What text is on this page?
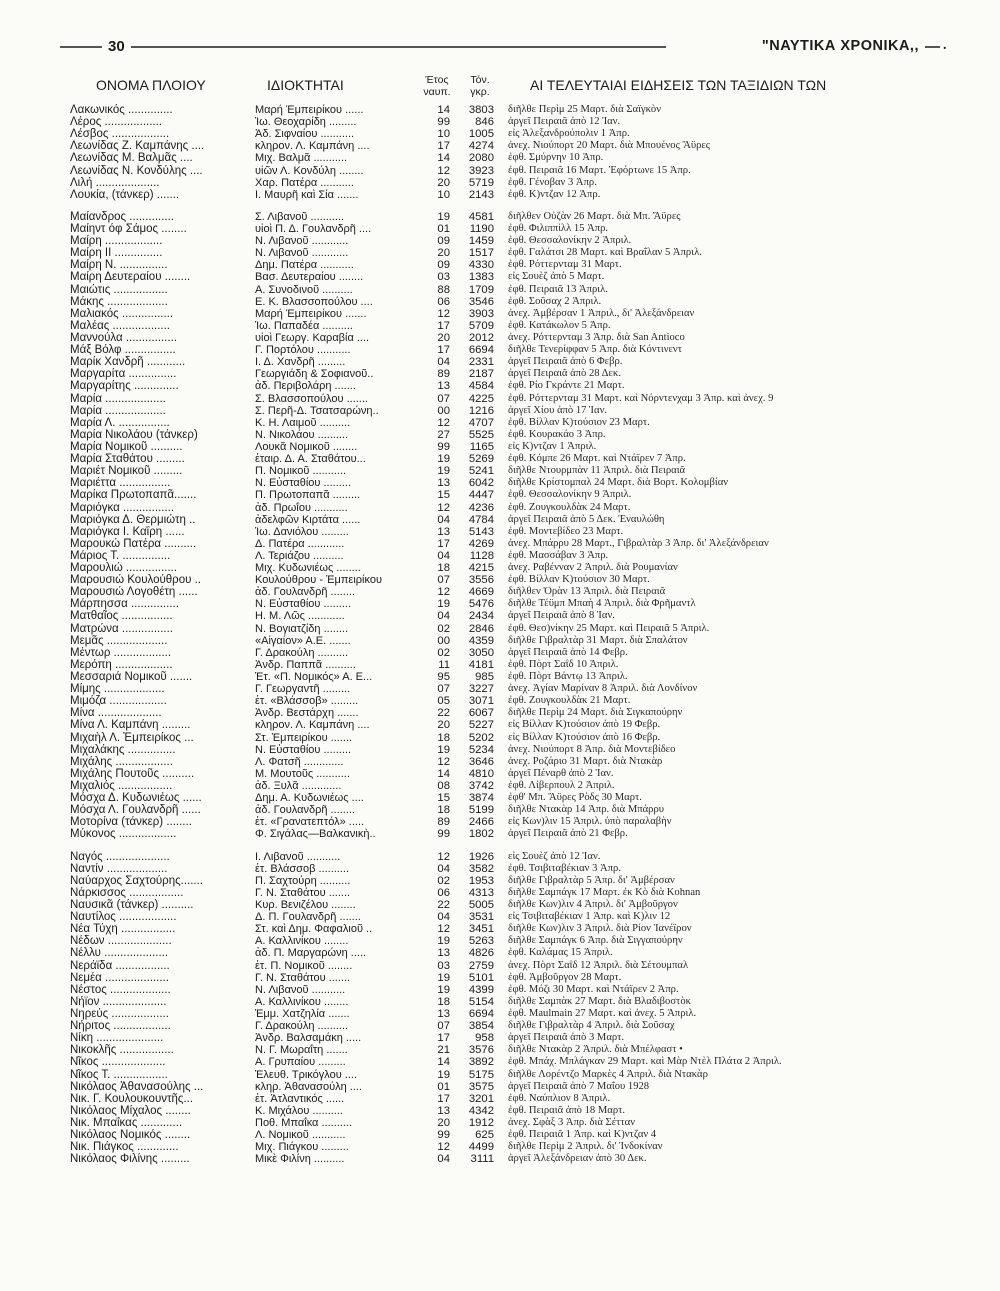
30	"ΝΑΥΤΙΚΑ ΧΡΟΝΙΚΑ,,	.
ΟΝΟΜΑ ΠΛΟΙΟΥ	ΙΔΙΟΚΤΗΤΑΙ	Έτος ναυπ.
Τόν. γκρ.	ΑΙ ΤΕΛΕΥΤΑΙΑΙ ΕΙΔΗΣΕΙΣ ΤΩΝ ΤΑΞΙΔΙΩΝ ΤΩΝ
Λακωνικός ..............	Μαρή Έμπειρίκου ......	14	3803 διῆλθε Περὶμ 25 Μαρτ. διὰ Σαϊγκὸν
Λέρος ..................	Ἰω. Θεοχαρίδη .........	99	846 ἀργεῖ Πειραιᾶ ἀπὸ 12 Ἰαν.
Λέσβος ..................	Ἀδ. Σιφναίου ...........	10	1005 εἰς Ἀλεξανδρούπολιν 1 Ἀπρ.
Λεωνίδας Ζ. Καμπάνης ....	κληρον. Λ. Καμπάνη ....	17	4274 ἀνεχ. Νιούπορτ 20 Μαρτ. διὰ Μπουένος Ἄϋρες
Λεωνίδας Μ. Βαλμᾶς ....	Μιχ. Βαλμᾶ ...........	14	2080 ἐφθ. Σμύρνην 10 Ἀπρ.
Λεωνίδας Ν. Κονδύλης ....	υἱῶν Λ. Κονδύλη ........	12	3923 ἐφθ. Πειραιᾶ 16 Μαρτ. Ἐφόρτωνε 15 Ἀπρ.
Λιλή ....................	Χαρ. Πατέρα ...........	20	5719 ἐφθ. Γένοβαν 3 Ἀπρ.
Λουκία, (τάνκερ) .......	Ι. Μαυρῆ καὶ Σία .......	10	2143 ἐφθ. Κ)ντζαν 12 Ἀπρ.
Μαίανδρος ..............	Σ. Λιβανοῦ ...........	19	4581 διῆλθεν Οὐζὰν 26 Μαρτ. διὰ Μπ. Ἄϋρες
Μαίηντ όφ Σάμος ........	υἱοὶ Π. Δ. Γουλανδρῆ ....	01	1190 ἐφθ. Φιλιππὶλλ 15 Ἀπρ.
Μαίρη ..................	Ν. Λιβανοῦ ............	09	1459 ἐφθ. Θεσσαλονίκην 2 Ἀπριλ.
Μαίρη ΙΙ ...............	Ν. Λιβανοῦ ............	20	1517 ἐφθ. Γαλάτσι 28 Μαρτ. καὶ Βραΐλαν 5 Ἀπριλ.
Μαίρη Ν. ...............	Δημ. Πατέρα ...........	09	4330 ἐφθ. Ρόττερνταμ 31 Μαρτ.
Μαίρη Δευτεραίου ........	Βασ. Δευτεραίου ........	03	1383 εἰς Σουὲζ ἀπὸ 5 Μαρτ.
Μαιώτις .................	Α. Συνοδινοῦ ..........	88	1709 ἐφθ. Πειραιᾶ 13 Ἀπριλ.
Μάκης ...................	Ε. Κ. Βλασσοπούλου ....	06	3546 ἐφθ. Σοῦσαχ 2 Ἀπριλ.
Μαλιακός ................	Μαρή Έμπειρίκου .......	12	3903 ἀνεχ. Ἀμβέρσαν 1 Ἀπριλ., δι' Ἀλεξάνδρειαν
Μαλέας ..................	Ἰω. Παπαδέα ..........	17	5709 ἐφθ. Κατάκωλον 5 Ἀπρ.
Μαννούλα ................	υἱοὶ Γεωργ. Καραβία ....	20	2012 ἀνεχ. Ρόττερνταμ 3 Ἀπρ. διὰ San Antioco
Μάξ Βόλφ ................	Γ. Πορτόλου ...........	17	6694 διῆλθε Τενερίφφαν 5 Ἀπρ. διὰ Κόντινεντ
Μαρίκ Χανδρῆ ............	Ι. Δ. Χανδρῆ .........	04	2331 ἀργεῖ Πειραιᾶ ἀπὸ 6 Φεβρ.
Μαργαρίτα ...............	Γεωργιάδη & Σοφιανοῦ..	89	2187 ἀργεῖ Πειραιᾶ ἀπὸ 28 Δεκ.
Μαργαρίτης ..............	ἀδ. Περιβολάρη .......	13	4584 ἐφθ. Ρίο Γκράντε 21 Μαρτ.
Μαρία ...................	Σ. Βλασσοπούλου .......	07	4225 ἐφθ. Ρόττερνταμ 31 Μαρτ. καὶ Νόρντενχαμ 3 Ἀπρ. καὶ ἀνεχ. 9
Μαρία ...................	Σ. Περῆ-Δ. Τσατσαρώνη..	00	1216 ἀργεῖ Χίου ἀπὸ 17 Ἰαν.
Μαρία Λ. ................	Κ. Η. Λαιμοῦ ..........	12	4707 ἐφθ. Βίλλαν Κ)τούσιον 23 Μαρτ.
Μαρία Νικολάου (τάνκερ)	Ν. Νικολάου ..........	27	5525 ἐφθ. Κουρακάο 3 Ἀπρ.
Μαρία Νομικοῦ ..........	Λουκᾶ Νομικοῦ ........	99	1165 εἰς Κ)ντζαν 1 Ἀπριλ.
Μαρία Σταθάτου .........	ἑταιρ. Δ. Α. Σταθάτου...	19	5269 ἐφθ. Κόμπε 26 Μαρτ. καὶ Ντάϊρεν 7 Ἀπρ.
Μαριέτ Νομικοῦ .........	Π. Νομικοῦ ...........	19	5241 διῆλθε Ντουρμπὰν 11 Ἀπριλ. διὰ Πειραιᾶ
Μαριέττα ................	Ν. Εὐσταθίου .........	13	6042 διῆλθε Κρίστομπαλ 24 Μαρτ. διὰ Βορτ. Κολομβίαν
Μαρίκα Πρωτοπαπᾶ.......	Π. Πρωτοπαπᾶ .........	15	4447 ἐφθ. Θεσσαλονίκην 9 Ἀπριλ.
Μαριόγκα ................	ἀδ. Πρωΐου ...........	12	4236 ἐφθ. Ζουγκουλδὰκ 24 Μαρτ.
Μαριόγκα Δ. Θερμιώτη ..	ἀδελφῶν Κιρτάτα ......	04	4784 ἀργεῖ Πειραιᾶ ἀπὸ 5 Δεκ. Ἐναυλώθη
Μαριόγκα Ι. Καΐρη ......	Ἰω. Δανιόλου .........	13	5143 ἐφθ. Μοντεβίδεο 23 Μαρτ.
Μαρουκώ Πατέρα ..........	Δ. Πατέρα ............	17	4269 ἀνεχ. Μπάρρυ 28 Μαρτ., Γιβραλτὰρ 3 Ἀπρ. δι' Ἀλεξάνδρειαν
Μάριος Τ. ...............	Λ. Τεριάζου ..........	04	1128 ἐφθ. Μασσάβαν 3 Ἀπρ.
Μαρουλιώ ................	Μιχ. Κυδωνιέως ........	18	4215 ἀνεχ. Ραβένναν 2 Ἀπριλ. διὰ Ρουμανίαν
Μαρουσιώ Κουλούθρου ..	Κουλούθρου - Ἐμπειρίκου	07	3556 ἐφθ. Βίλλαν Κ)τούσιον 30 Μαρτ.
Μαρουσιώ Λογοθέτη ......	ἀδ. Γουλανδρῆ ........	12	4669 διῆλθεν Ὀρὰν 13 Ἀπριλ. διὰ Πειραιᾶ
Μάρπησσα ...............	Ν. Εὐσταθίου .........	19	5476 διῆλθε Τέϋμπ Μπαὴ 4 Ἀπριλ. διὰ Φρῆμαντλ
Ματθαῖος ................	Η. Μ. Λῶς ............	04	2434 ἀργεῖ Πειραιᾶ ἀπὸ 8 Ἰαν.
Ματρώνα ................	Ν. Βογιατζίδη ........	02	2846 ἐφθ. Θεσ)νίκην 25 Μαρτ. καὶ Πειραιᾶ 5 Ἀπριλ.
Μεμᾶς ...................	«Αἰγαίον» Α.Ε. .......	00	4359 διῆλθε Γιβραλτὰρ 31 Μαρτ. διὰ Σπαλάτον
Μέντωρ ..................	Γ. Δρακούλη ..........	02	3050 ἀργεῖ Πειραιᾶ ἀπὸ 14 Φεβρ.
Μερόπη ..................	Ἀνδρ. Παππᾶ ..........	11	4181 ἐφθ. Πὸρτ Σαῒδ 10 Ἀπριλ.
Μεσσαριά Νομικοῦ .......	Ἐτ. «Π. Νομικός» Α. Ε...	95	985 ἐφθ. Πὸρτ Βάντῳ 13 Ἀπριλ.
Μίμης ...................	Γ. Γεωργαντῆ .........	07	3227 ἀνεχ. Ἁγίαν Μαρίναν 8 Ἀπριλ. διὰ Λονδίνον
Μιμόζα ..................	ἑτ. «Βλάσσοβ» .........	05	3071 ἐφθ. Ζουγκουλδὰκ 21 Μαρτ.
Μίνα ....................	Ἀνδρ. Βεστάρχη .......	22	6067 διῆλθε Περὶμ 24 Μαρτ. διὰ Σιγκαπούρην
Μίνα Λ. Καμπάνη .........	κληρον. Λ. Καμπάνη ....	20	5227 εἰς Βίλλαν Κ)τούσιον ἀπὸ 19 Φεβρ.
Μιχαὴλ Λ. Ἐμπειρίκος ...	Στ. Ἐμπειρίκου .......	18	5202 εἰς Βίλλαν Κ)τούσιον ἀπὸ 16 Φεβρ.
Μιχαλάκης ...............	Ν. Εὐσταθίου .........	19	5234 ἀνεχ. Νιούπορτ 8 Ἀπρ. διὰ Μοντεβίδεο
Μιχάλης ..................	Λ. Φατσῆ .............	12	3646 ἀνεχ. Ροζάριο 31 Μαρτ. διὰ Ντακὰρ
Μιχάλης Πουτοῦς ..........	Μ. Μουτοῦς ...........	14	4810 ἀργεῖ Πέναρθ ἀπὸ 2 Ἰαν.
Μιχαλιός .................	ἀδ. Ξυλᾶ .............	08	3742 ἐφθ. Λίβερπουλ 2 Ἀπριλ.
Μόσχα Δ. Κυδωνιέως ......	Δημ. Α. Κυδωνιέως ....	15	3874 ἐφθ' Μπ. Ἄϋρες Ρὸδς 30 Μαρτ.
Μόσχα Λ. Γουλανδρῆ ......	ἀδ. Γουλανδρῆ ........	18	5199 διῆλθε Ντακὰρ 14 Ἀπρ. διὰ Μπάρρυ
Μοτορίνα (τάνκερ) ........	ἑτ. «Γρανατεπτόλ» .....	89	2466 εἰς Κων)λιν 15 Ἀπριλ. ὑπὸ παραλαβὴν
Μύκονος ..................	Φ. Σιγάλας—Βαλκανικὴ..	99	1802 ἀργεῖ Πειραιᾶ ἀπὸ 21 Φεβρ.
Ναγός ....................	Ι. Λιβανοῦ ...........	12	1926 εἰς Σουὲζ ἀπὸ 12 Ἰαν.
Ναντίν ...................	ἐτ. Βλάσσοβ ..........	04	3582 ἐφθ. Τσιβιταβέκιαν 3 Ἀπρ.
Ναύαρχος Σαχτούρης.......	Π. Σαχτούρη ..........	02	1953 διῆλθε Γιβραλτὰρ 5 Ἀπρ. δι' Ἀμβέρσαν
Νάρκισσος .................	Γ. Ν. Σταθάτου .......	06	4313 διῆλθε Σαμπάγκ 17 Μαρτ. ἐκ Κὸ διὰ Kohnan
Ναυσικᾶ (τάνκερ) ..........	Κυρ. Βενιζέλου ........	22	5005 διῆλθε Κων)λιν 4 Ἀπριλ. δι' Ἀμβοῦργον
Ναυτίλος ..................	Δ. Π. Γουλανδρῆ .......	04	3531 εἰς Τσιβιταβέκιαν 1 Ἀπρ. καὶ Κ)λιν 12
Νέα Τύχη .................	Στ. καὶ Δημ. Φαφαλιοῦ ..	12	3451 διῆλθε Κων)λιν 3 Ἀπριλ. διὰ Ρίον Ἰανέϊρον
Νέδων ....................	Α. Καλλινίκου ........	19	5263 διῆλθε Σαμπάγκ 6 Ἀπρ. διὰ Σιγγαπούρην
Νέλλυ ....................	ἀδ. Π. Μαργαρώνη .....	13	4826 ἐφθ. Καλάμας 15 Ἀπριλ.
Νεράϊδα .................	ἐτ. Π. Νομικοῦ ........	03	2759 ἀνεχ. Πὸρτ Σαῒδ 12 Ἀπριλ. διὰ Σέτουμπαλ
Νεμέα ....................	Γ. Ν. Σταθάτου .......	19	5101 ἐφθ. Ἀμβοῦργον 28 Μαρτ.
Νέστος ...................	Ν. Λιβανοῦ ...........	19	4399 ἐφθ. Μόζι 30 Μαρτ. καὶ Ντάϊρεν 2 Ἀπρ.
Νήϊον ....................	Α. Καλλινίκου ........	18	5154 διῆλθε Σαμπὰκ 27 Μαρτ. διὰ Βλαδιβοστὸκ
Νηρεύς ..................	Ἐμμ. Χατζηλία .......	13	6694 ἐφθ. Maulmain 27 Μαρτ. καὶ ἀνεχ. 5 Ἀπριλ.
Νήριτος ..................	Γ. Δρακούλη ..........	07	3854 διῆλθε Γιβραλτὰρ 4 Ἀπριλ. διὰ Σοῦσαχ
Νίκη .....................	Ἀνδρ. Βαλσαμάκη .....	17	958 ἀργεῖ Πειραιᾶ ἀπὸ 3 Μαρτ.
Νικοκλῆς .................	Ν. Γ. Μωραΐτη .......	21	3576 διῆλθε Ντακὰρ 2 Ἀπριλ. διὰ Μπέλφαστ •
Νῖκος ....................	Α. Γρυπαίου .........	14	3892 ἐφθ. Μπάχ. Μπλάγκαν 29 Μαρτ. καὶ Μὰρ Ντὲλ Πλάτα 2 Ἀπριλ.
Νῖκος Τ. .................	Ἐλευθ. Τρικόγλου ....	19	5175 διῆλθε Λορέντζο Μαρκὲς 4 Ἀπριλ. διὰ Ντακὰρ
Νικόλαος Ἀθανασούλης ...	κληρ. Ἀθανασούλη ....	01	3575 ἀργεῖ Πειραιᾶ ἀπὸ 7 Μαΐου 1928
Νικ. Γ. Κουλουκουντῆς...	ἐτ. Ἀτλαντικός ......	17	3201 ἐφθ. Ναύπλιον 8 Ἀπριλ.
Νικόλαος Μίχαλος ........	Κ. Μιχάλου ..........	13	4342 ἐφθ. Πειραιᾶ ἀπὸ 18 Μαρτ.
Νικ. Μπαΐκας .............	Ποθ. Μπαΐκα ..........	20	1912 ἀνεχ. Σφὰξ 3 Ἀπρ. διὰ Σέτταν
Νικόλαος Νομικός ........	Λ. Νομικοῦ ...........	99	625 ἐφθ. Πειραιᾶ 1 Ἀπρ. καὶ Κ)ντζαν 4
Νικ. Πιάγκος .............	Μιχ. Πιάγκου .........	12	4499 διῆλθε Περὶμ 2 Ἀπριλ. δι' Ἰνδοκίναν
Νικόλαος Φιλίνης .........	Μικὲ Φιλίνη ..........	04	3111 ἀργεῖ Ἀλεξάνδρειαν ἀπὸ 30 Δεκ.
